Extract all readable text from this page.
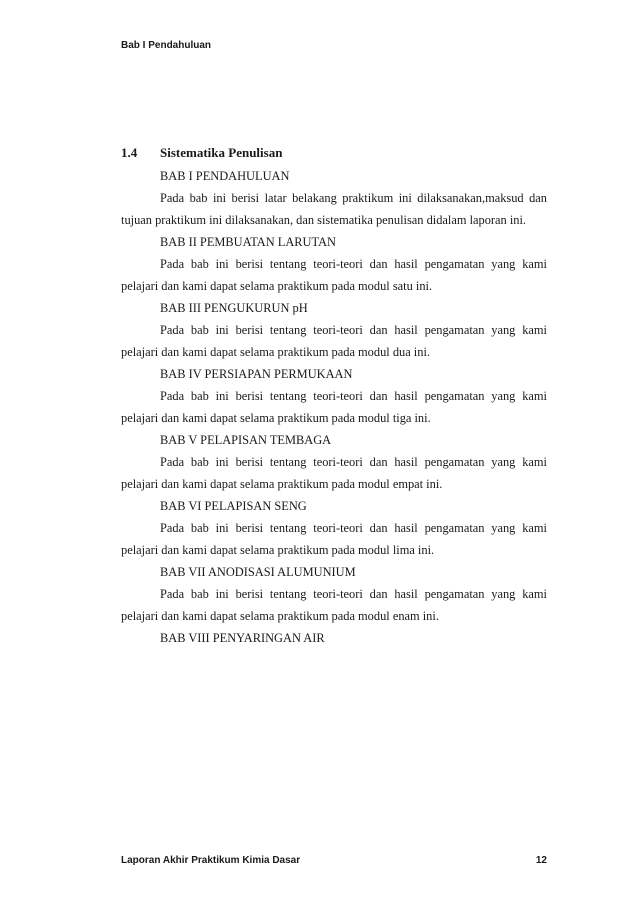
Bab I Pendahuluan
1.4 Sistematika Penulisan
BAB I PENDAHULUAN

Pada bab ini berisi latar belakang praktikum ini dilaksanakan,maksud dan tujuan praktikum ini dilaksanakan, dan sistematika penulisan didalam laporan ini.

BAB II PEMBUATAN LARUTAN

Pada bab ini berisi tentang teori-teori dan hasil pengamatan yang kami pelajari dan kami dapat selama praktikum pada modul satu ini.

BAB III PENGUKURUN pH

Pada bab ini berisi tentang teori-teori dan hasil pengamatan yang kami pelajari dan kami dapat selama praktikum pada modul dua ini.

BAB IV PERSIAPAN PERMUKAAN

Pada bab ini berisi tentang teori-teori dan hasil pengamatan yang kami pelajari dan kami dapat selama praktikum pada modul tiga ini.

BAB V PELAPISAN TEMBAGA

Pada bab ini berisi tentang teori-teori dan hasil pengamatan yang kami pelajari dan kami dapat selama praktikum pada modul empat ini.

BAB VI PELAPISAN SENG

Pada bab ini berisi tentang teori-teori dan hasil pengamatan yang kami pelajari dan kami dapat selama praktikum pada modul lima ini.

BAB VII ANODISASI ALUMUNIUM

Pada bab ini berisi tentang teori-teori dan hasil pengamatan yang kami pelajari dan kami dapat selama praktikum pada modul enam ini.

BAB VIII PENYARINGAN AIR
Laporan Akhir Praktikum Kimia Dasar	12
